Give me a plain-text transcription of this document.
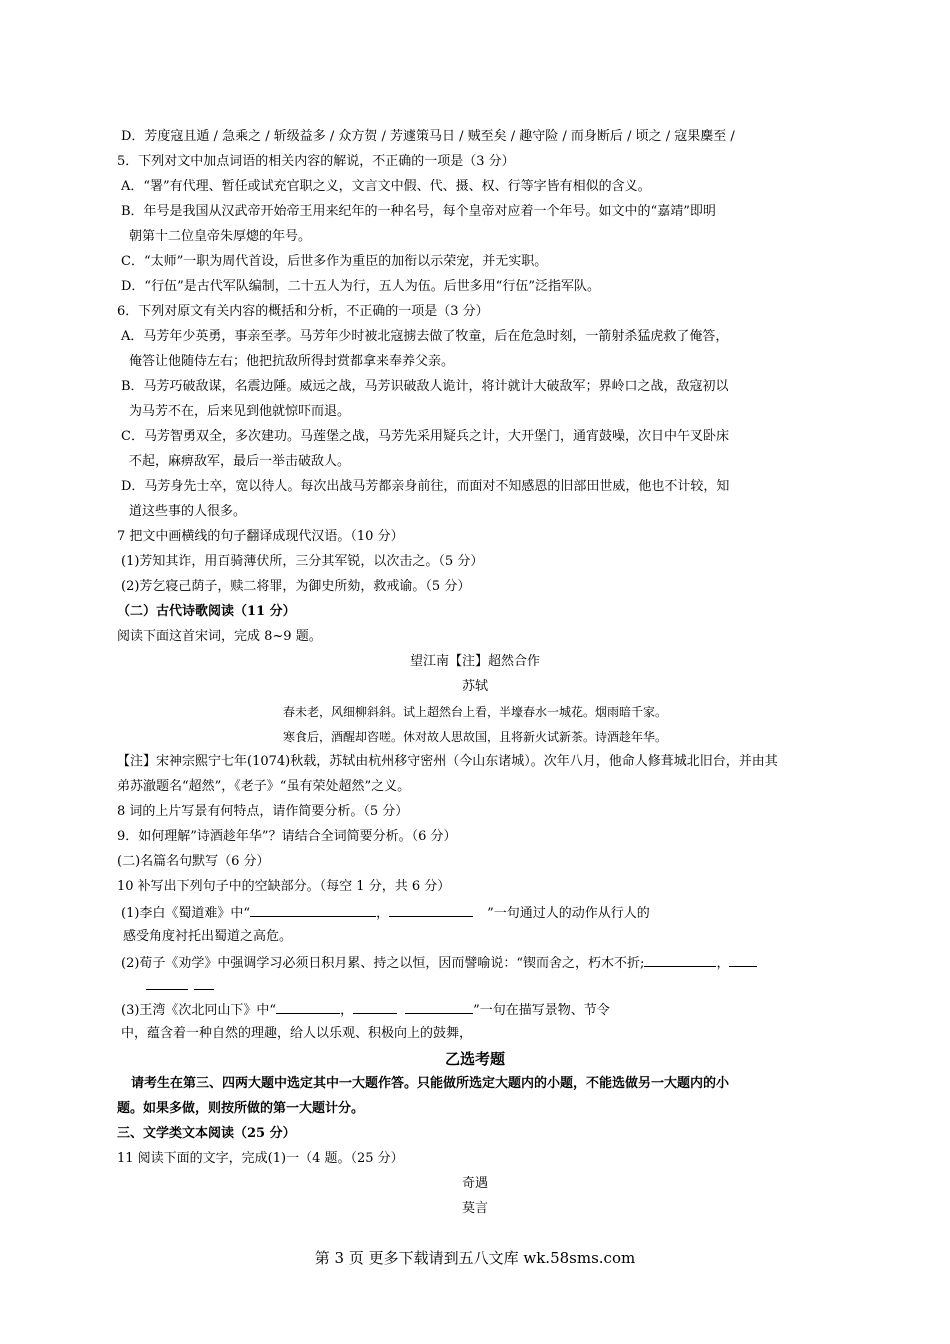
D．芳度寇且遁 / 急乘之 / 斩级益多 / 众方贺 / 芳遽策马日 / 贼至矣 / 趣守险 / 而身断后 / 顷之 / 寇果麇至 /
5．下列对文中加点词语的相关内容的解说，不正确的一项是（3 分）
A．“署”有代理、暂任或试充官职之义，文言文中假、代、摄、权、行等字皆有相似的含义。
B．年号是我国从汉武帝开始帝王用来纪年的一种名号，每个皇帝对应着一个年号。如文中的“嘉靖”即明
朝第十二位皇帝朱厚熜的年号。
C．“太师”一职为周代首设，后世多作为重臣的加衔以示荣宠，并无实职。
D．“行伍”是古代军队编制，二十五人为行，五人为伍。后世多用“行伍”泛指军队。
6．下列对原文有关内容的概括和分析，不正确的一项是（3 分）
A．马芳年少英勇，事亲至孝。马芳年少时被北寇掳去做了牧童，后在危急时刻，一箭射杀猛虎救了俺答，
俺答让他随侍左右；他把抗敌所得封赏都拿来奉养父亲。
B．马芳巧破敌谋，名震边陲。威远之战，马芳识破敌人诡计，将计就计大破敌军；界岭口之战，敌寇初以
为马芳不在，后来见到他就惊吓而退。
C．马芳智勇双全，多次建功。马莲堡之战，马芳先采用疑兵之计，大开堡门，通宵鼓噪，次日中午叉卧床
不起，麻痹敌军，最后一举击破敌人。
D．马芳身先士卒，宽以待人。每次出战马芳都亲身前往，而面对不知感恩的旧部田世威，他也不计较，知
道这些事的人很多。
7 把文中画横线的句子翻译成现代汉语。（10 分）
(1)芳知其诈，用百骑薄伏所，三分其军锐，以次击之。（5 分）
(2)芳乞寝己荫子，赎二将罪，为御史所劾，救戒谕。（5 分）
（二）古代诗歌阅读（11 分）
阅读下面这首宋词，完成 8~9 题。
望江南【注】超然合作
苏轼
春未老，风细柳斜斜。试上超然台上看，半壕春水一城花。烟雨暗千家。
寒食后，酒醒却咨嗟。休对故人思故国，且将新火试新茶。诗酒趁年华。
【注】宋神宗熙宁七年(1074)秋载，苏轼由杭州移守密州（今山东诸城）。次年八月，他命人修葺城北旧台，并由其
弟苏澈题名“超然”，《老子》“虽有荣处超然”之义。
8 词的上片写景有何特点，请作简要分析。（5 分）
9．如何理解”诗酒趁年华”？请结合全词简要分析。（6 分）
(二)名篇名句默写（6 分）
10 补写出下列句子中的空缺部分。（每空 1 分，共 6 分）
(1)李白《蜀道难》中“	，	”一句通过人的动作从行人的
感受角度衬托出蜀道之高危。
(2)荀子《劝学》中强调学习必须日积月累、持之以恒，因而譬喻说：“锲而舍之，朽木不折;	，
(3)王湾《次北冋山下》中“	，	”一句在描写景物、节令
中，蕴含着一种自然的理趣，给人以乐观、积极向上的鼓舞，
乙选考题
请考生在第三、四两大题中选定其中一大题作答。只能做所选定大题内的小题，不能选做另一大题内的小
题。如果多做，则按所做的第一大题计分。
三、文学类文本阅读（25 分）
11 阅读下面的文字，完成(1)一（4 题。（25 分）
奇遇
莫言
第 3 页 更多下载请到五八文库 wk.58sms.com
